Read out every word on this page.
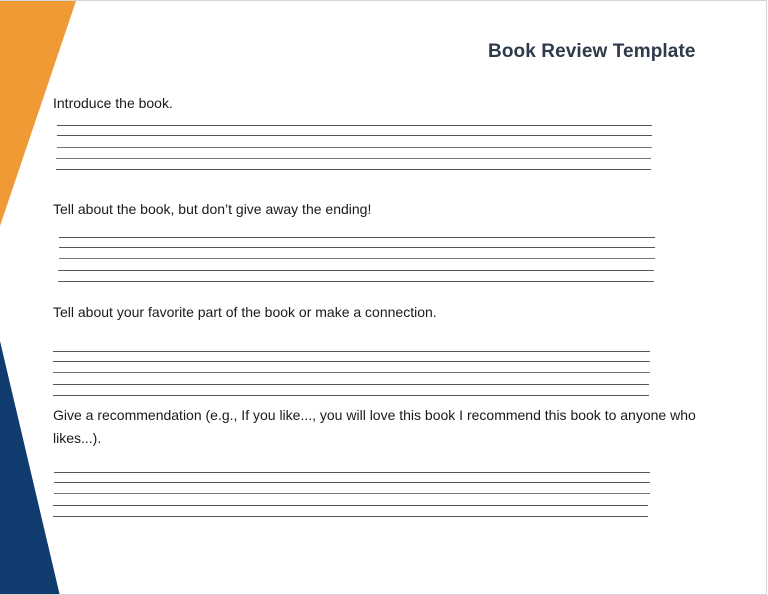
Book Review Template
Introduce the book.
Tell about the book, but don’t give away the ending!
Tell about your favorite part of the book or make a connection.
Give a recommendation (e.g., If you like..., you will love this book I recommend this book to anyone who likes...).
